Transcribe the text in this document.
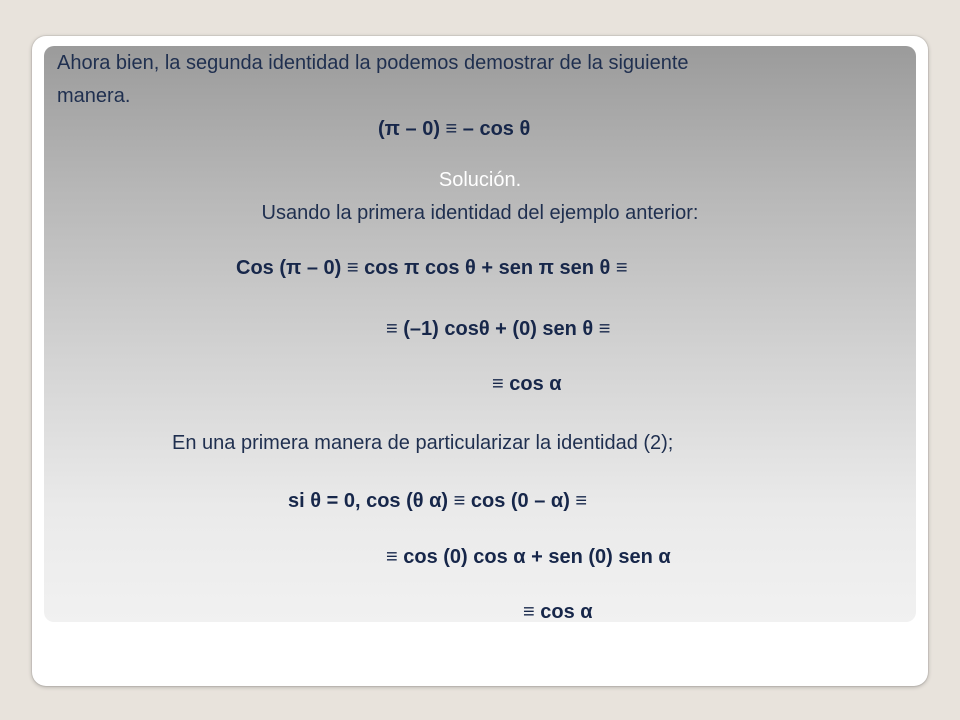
Ahora bien, la segunda identidad la podemos demostrar de la siguiente
manera.
(π – 0) ≡ – cos θ
Solución.
Usando la primera identidad del ejemplo anterior:
Cos (π – 0) ≡ cos π cos θ + sen π sen θ ≡
≡ (–1) cosθ + (0) sen θ ≡
≡ cos α
En una primera manera de particularizar la identidad (2);
si θ = 0, cos (θ α) ≡ cos (0 – α) ≡
≡ cos (0) cos α + sen (0) sen α
≡ cos α
